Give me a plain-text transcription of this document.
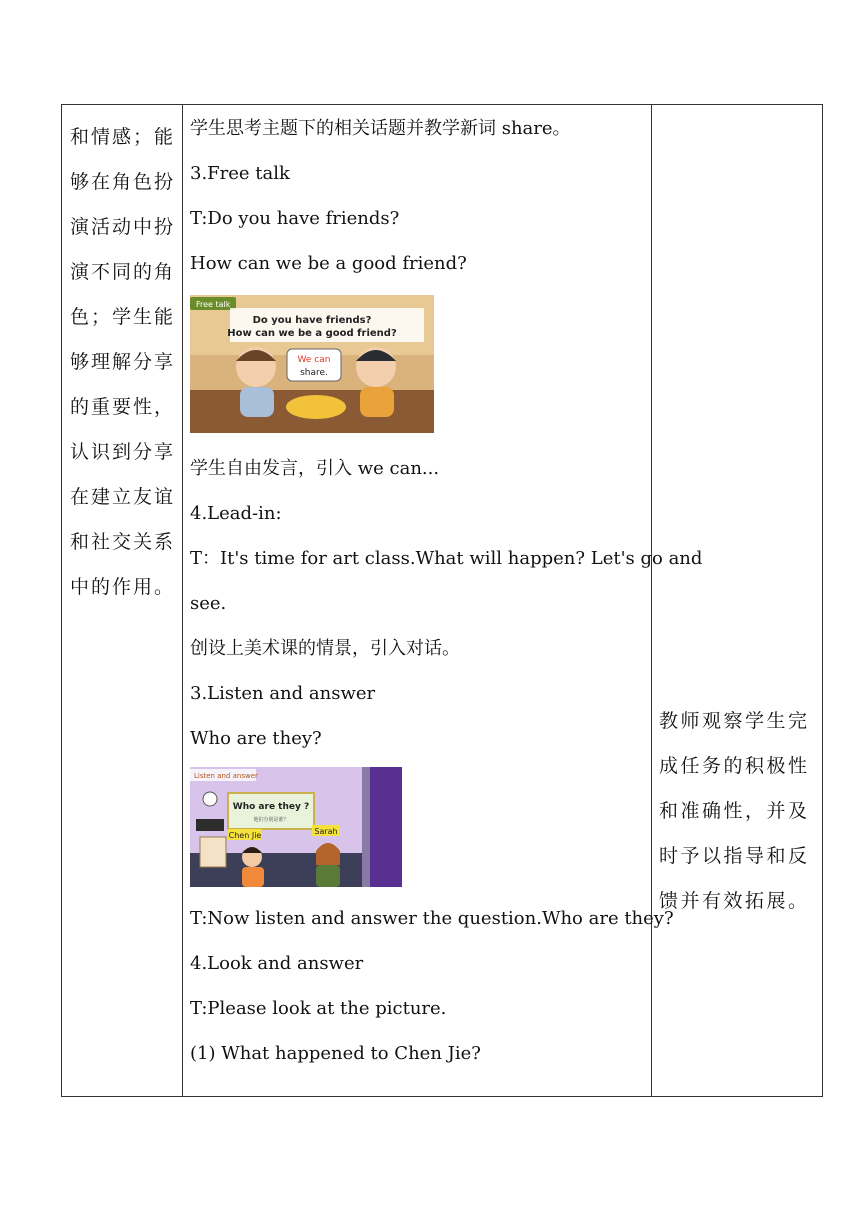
和情感；能够在角色扮演活动中扮演不同的角色；学生能够理解分享的重要性，认识到分享在建立友谊和社交关系中的作用。
学生思考主题下的相关话题并教学新词 share。
3.Free talk
T:Do you have friends?
How can we be a good friend?
Free talk
Do you have friends?
How can we be a good friend?
We can
share.
学生自由发言，引入 we can...
4.Lead-in:
T：It's time for art class.What will happen? Let's go and
see.
创设上美术课的情景，引入对话。
3.Listen and answer
Who are they?
Listen and answer
Who are they ?
他们分别是谁？
Chen Jie	Sarah
T:Now listen and answer the question.Who are they?
4.Look and answer
T:Please look at the picture.
(1) What happened to Chen Jie?
教师观察学生完成任务的积极性和准确性，并及时予以指导和反馈并有效拓展。
